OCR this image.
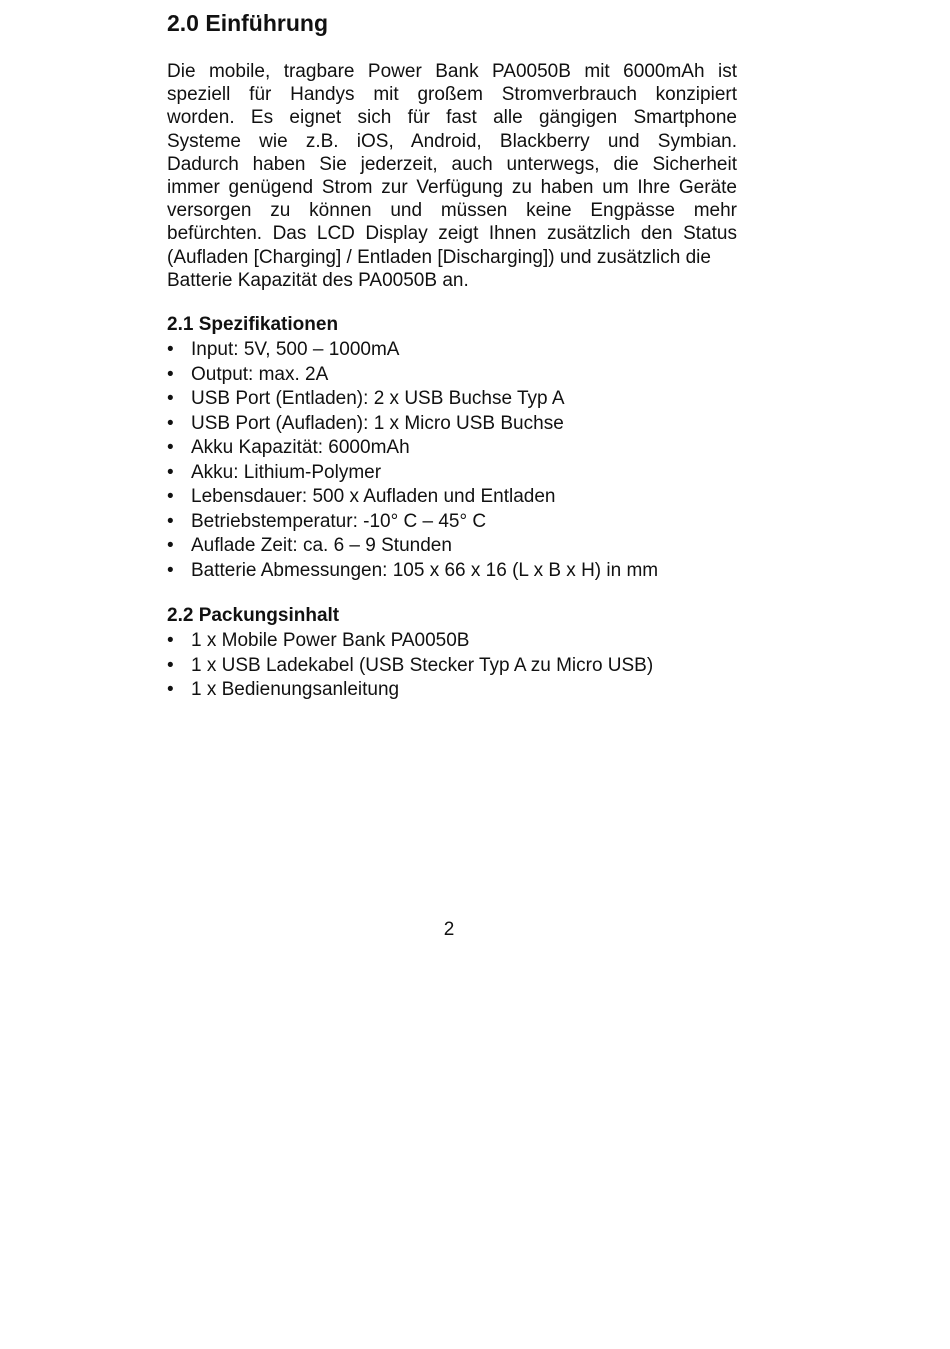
2.0 Einführung

Die mobile, tragbare Power Bank PA0050B mit 6000mAh ist
speziell für Handys mit großem Stromverbrauch konzipiert
worden. Es eignet sich für fast alle gängigen Smartphone
Systeme wie z.B. iOS, Android, Blackberry und Symbian.
Dadurch haben Sie jederzeit, auch unterwegs, die Sicherheit
immer genügend Strom zur Verfügung zu haben um Ihre Geräte
versorgen zu können und müssen keine Engpässe mehr
befürchten. Das LCD Display zeigt Ihnen zusätzlich den Status
(Aufladen [Charging] / Entladen [Discharging]) und zusätzlich die
Batterie Kapazität des PA0050B an.

2.1 Spezifikationen
• Input: 5V, 500 – 1000mA
• Output: max. 2A
• USB Port (Entladen): 2 x USB Buchse Typ A
• USB Port (Aufladen): 1 x Micro USB Buchse
• Akku Kapazität: 6000mAh
• Akku: Lithium-Polymer
• Lebensdauer: 500 x Aufladen und Entladen
• Betriebstemperatur: -10° C – 45° C
• Auflade Zeit: ca. 6 – 9 Stunden
• Batterie Abmessungen: 105 x 66 x 16 (L x B x H) in mm
2.2 Packungsinhalt
• 1 x Mobile Power Bank PA0050B
• 1 x USB Ladekabel (USB Stecker Typ A zu Micro USB)
• 1 x Bedienungsanleitung
2
